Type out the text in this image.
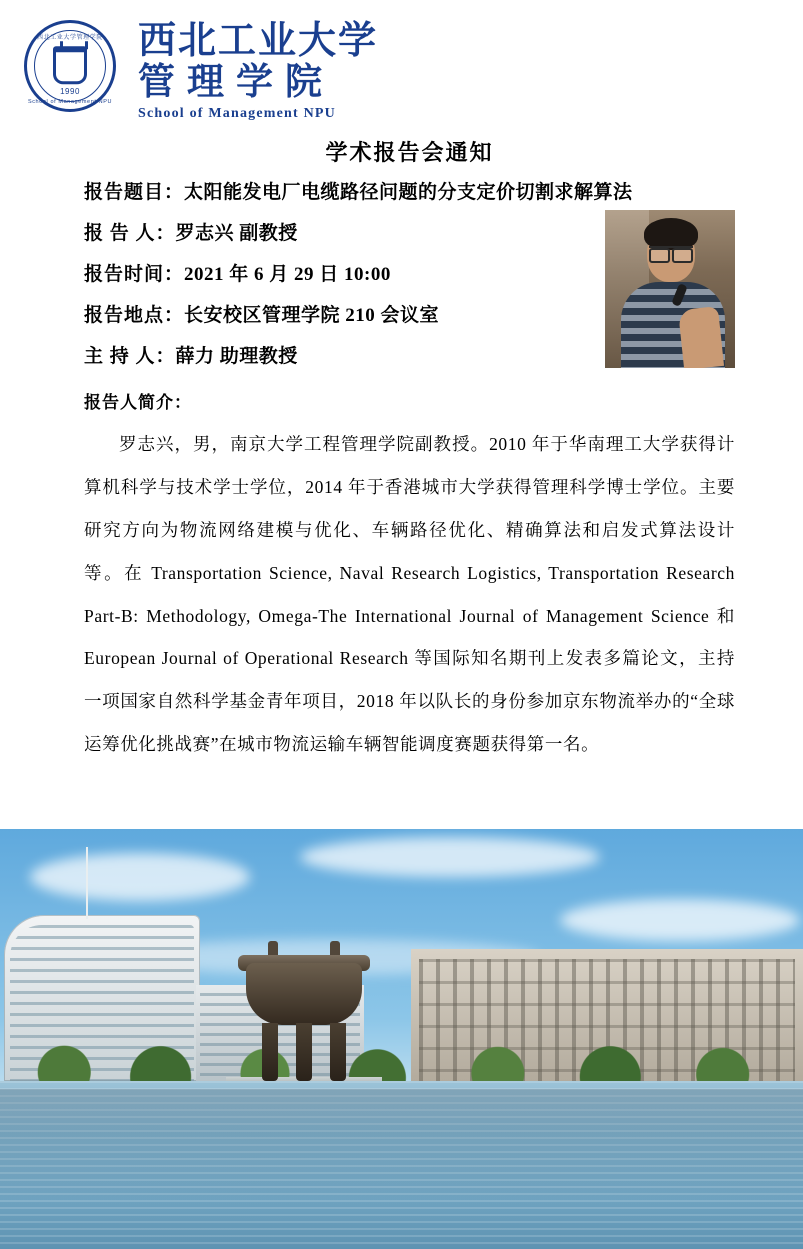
西北工业大学管理学院
1990
School of Management NPU
西北工业大学
管理学院
School of Management NPU
学术报告会通知
报告题目：太阳能发电厂电缆路径问题的分支定价切割求解算法
报 告 人：罗志兴 副教授
报告时间：2021 年 6 月 29 日 10:00
报告地点：长安校区管理学院 210 会议室
主 持 人：薛力 助理教授
报告人简介：
罗志兴，男，南京大学工程管理学院副教授。2010 年于华南理工大学获得计算机科学与技术学士学位，2014 年于香港城市大学获得管理科学博士学位。主要研究方向为物流网络建模与优化、车辆路径优化、精确算法和启发式算法设计等。在 Transportation Science, Naval Research Logistics, Transportation Research Part-B: Methodology, Omega-The International Journal of Management Science 和 European Journal of Operational Research 等国际知名期刊上发表多篇论文，主持一项国家自然科学基金青年项目，2018 年以队长的身份参加京东物流举办的“全球运筹优化挑战赛”在城市物流运输车辆智能调度赛题获得第一名。
